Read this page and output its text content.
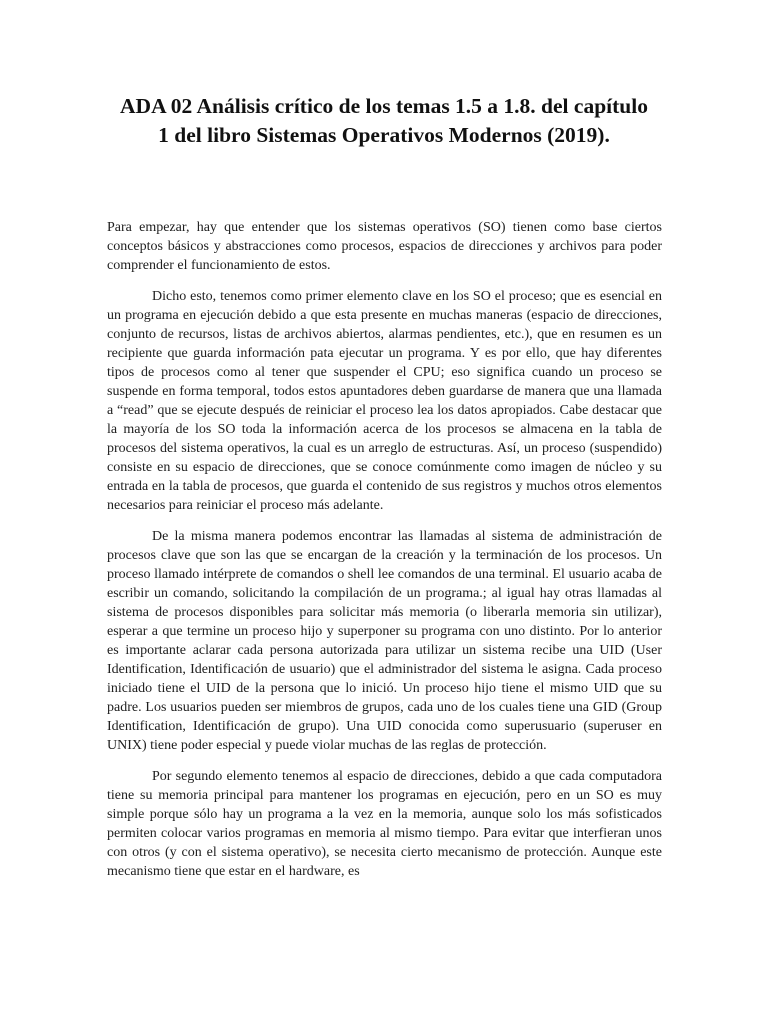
ADA 02 Análisis crítico de los temas 1.5 a 1.8. del capítulo 1 del libro Sistemas Operativos Modernos (2019).

Para empezar, hay que entender que los sistemas operativos (SO) tienen como base ciertos conceptos básicos y abstracciones como procesos, espacios de direcciones y archivos para poder comprender el funcionamiento de estos.

Dicho esto, tenemos como primer elemento clave en los SO el proceso; que es esencial en un programa en ejecución debido a que esta presente en muchas maneras (espacio de direcciones, conjunto de recursos, listas de archivos abiertos, alarmas pendientes, etc.), que en resumen es un recipiente que guarda información pata ejecutar un programa. Y es por ello, que hay diferentes tipos de procesos como al tener que suspender el CPU; eso significa cuando un proceso se suspende en forma temporal, todos estos apuntadores deben guardarse de manera que una llamada a “read” que se ejecute después de reiniciar el proceso lea los datos apropiados. Cabe destacar que la mayoría de los SO toda la información acerca de los procesos se almacena en la tabla de procesos del sistema operativos, la cual es un arreglo de estructuras. Así, un proceso (suspendido) consiste en su espacio de direcciones, que se conoce comúnmente como imagen de núcleo y su entrada en la tabla de procesos, que guarda el contenido de sus registros y muchos otros elementos necesarios para reiniciar el proceso más adelante.

De la misma manera podemos encontrar las llamadas al sistema de administración de procesos clave que son las que se encargan de la creación y la terminación de los procesos. Un proceso llamado intérprete de comandos o shell lee comandos de una terminal. El usuario acaba de escribir un comando, solicitando la compilación de un programa.; al igual hay otras llamadas al sistema de procesos disponibles para solicitar más memoria (o liberarla memoria sin utilizar), esperar a que termine un proceso hijo y superponer su programa con uno distinto. Por lo anterior es importante aclarar cada persona autorizada para utilizar un sistema recibe una UID (User Identification, Identificación de usuario) que el administrador del sistema le asigna. Cada proceso iniciado tiene el UID de la persona que lo inició. Un proceso hijo tiene el mismo UID que su padre. Los usuarios pueden ser miembros de grupos, cada uno de los cuales tiene una GID (Group Identification, Identificación de grupo). Una UID conocida como superusuario (superuser en UNIX) tiene poder especial y puede violar muchas de las reglas de protección.

Por segundo elemento tenemos al espacio de direcciones, debido a que cada computadora tiene su memoria principal para mantener los programas en ejecución, pero en un SO es muy simple porque sólo hay un programa a la vez en la memoria, aunque solo los más sofisticados permiten colocar varios programas en memoria al mismo tiempo. Para evitar que interfieran unos con otros (y con el sistema operativo), se necesita cierto mecanismo de protección. Aunque este mecanismo tiene que estar en el hardware, es
